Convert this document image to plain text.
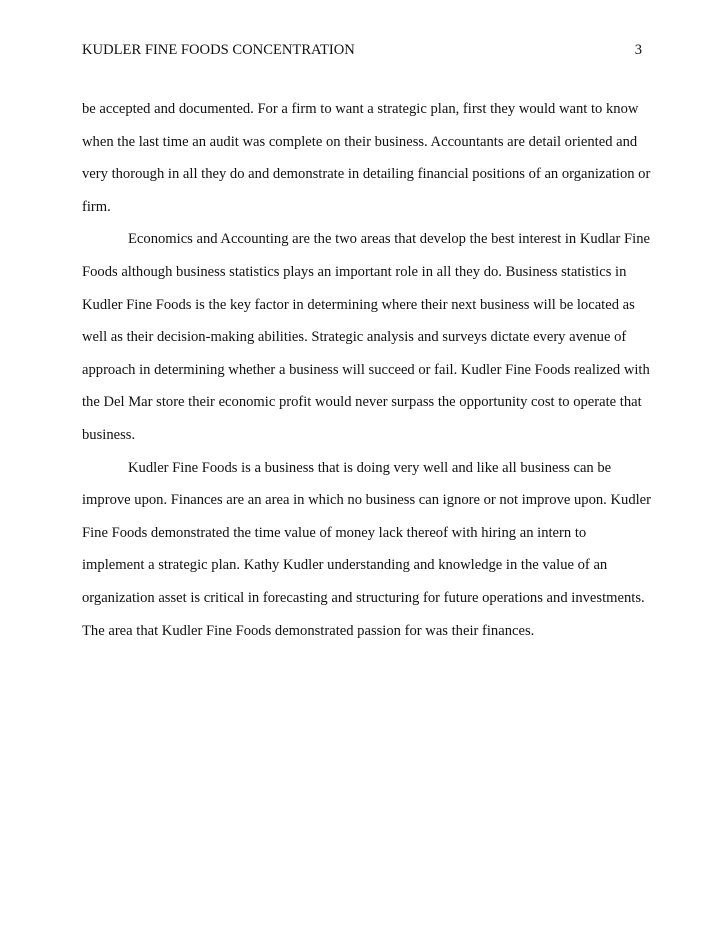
KUDLER FINE FOODS CONCENTRATION	3
be accepted and documented. For a firm to want a strategic plan, first they would want to know
when the last time an audit was complete on their business. Accountants are detail oriented and
very thorough in all they do and demonstrate in detailing financial positions of an organization or
firm.
Economics and Accounting are the two areas that develop the best interest in Kudlar Fine
Foods although business statistics plays an important role in all they do. Business statistics in
Kudler Fine Foods is the key factor in determining where their next business will be located as
well as their decision-making abilities. Strategic analysis and surveys dictate every avenue of
approach in determining whether a business will succeed or fail. Kudler Fine Foods realized with
the Del Mar store their economic profit would never surpass the opportunity cost to operate that
business.
Kudler Fine Foods is a business that is doing very well and like all business can be
improve upon. Finances are an area in which no business can ignore or not improve upon. Kudler
Fine Foods demonstrated the time value of money lack thereof with hiring an intern to
implement a strategic plan. Kathy Kudler understanding and knowledge in the value of an
organization asset is critical in forecasting and structuring for future operations and investments.
The area that Kudler Fine Foods demonstrated passion for was their finances.
